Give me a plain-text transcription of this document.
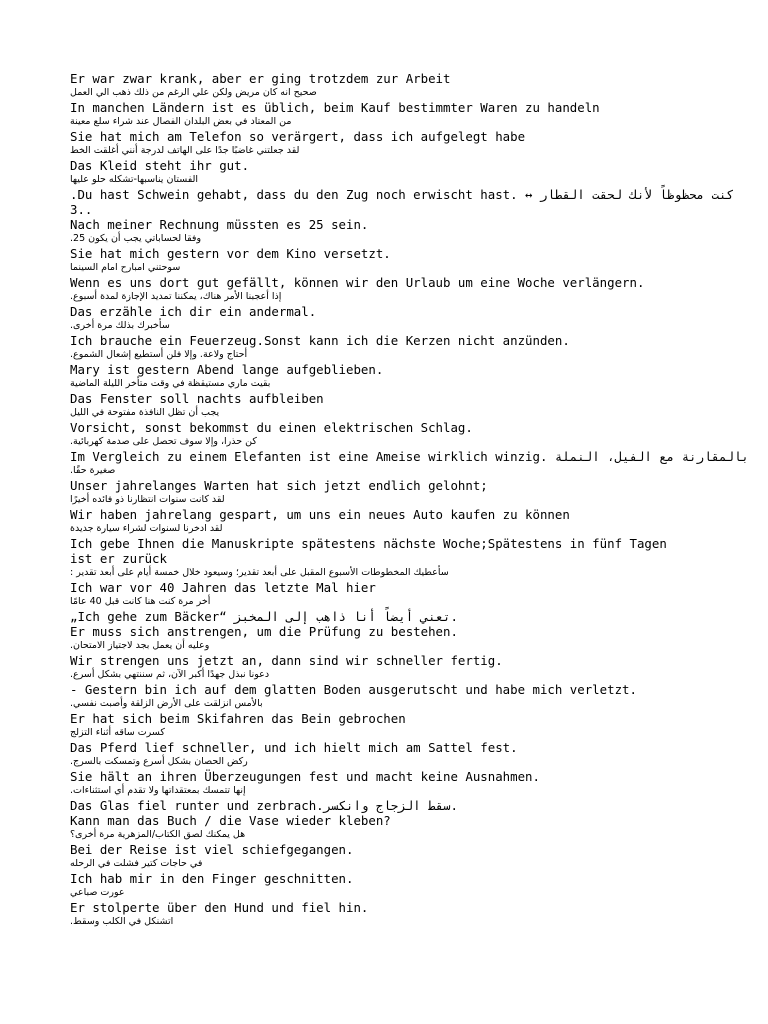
Er war zwar krank, aber er ging trotzdem zur Arbeit
صحيح انه كان مريض ولكن علي الرغم من ذلك ذهب الي العمل
In manchen Ländern ist es üblich, beim Kauf bestimmter Waren zu handeln
من المعتاد في بعض البلدان الفصال عند شراء سلع معينة
Sie hat mich am Telefon so verärgert, dass ich aufgelegt habe
لقد جعلتني غاضبًا جدًا على الهاتف لدرجة أنني أغلقت الخط
Das Kleid steht ihr gut.
الفستان يناسبها-تشكله حلو عليها
.Du hast Schwein gehabt, dass du den Zug noch erwischt hast. ↔ كنت محظوظاً لأنك لحقت القطار
3..
Nach meiner Rechnung müssten es 25 sein.
وفقا لحساباتي يجب أن يكون 25.
Sie hat mich gestern vor dem Kino versetzt.
سوحتني امبارح امام السينما
Wenn es uns dort gut gefällt, können wir den Urlaub um eine Woche verlängern.
إذا أعجبنا الأمر هناك، يمكننا تمديد الإجازة لمدة أسبوع.
Das erzähle ich dir ein andermal.
سأخبرك بذلك مرة أخرى.
Ich brauche ein Feuerzeug.Sonst kann ich die Kerzen nicht anzünden.
أحتاج ولاعة. وإلا فلن أستطيع إشعال الشموع.
Mary ist gestern Abend lange aufgeblieben.
بقيت ماري مستيقظة في وقت متأخر الليلة الماضية
Das Fenster soll nachts aufbleiben
يجب أن تظل النافذة مفتوحة في الليل
Vorsicht, sonst bekommst du einen elektrischen Schlag.
كن حذرا، وإلا سوف تحصل على صدمة كهربائية.
Im Vergleich zu einem Elefanten ist eine Ameise wirklich winzig. بالمقارنة مع الفيل، النملة
صغيرة حقًا.
Unser jahrelanges Warten hat sich jetzt endlich gelohnt;
لقد كانت سنوات انتظارنا ذو فائده أخيرًا
Wir haben jahrelang gespart, um uns ein neues Auto kaufen zu können
لقد ادخرنا لسنوات لشراء سيارة جديدة
Ich gebe Ihnen die Manuskripte spätestens nächste Woche;Spätestens in fünf Tagen
ist er zurück
سأعطيك المخطوطات الأسبوع المقبل على أبعد تقدير؛ وسيعود خلال خمسة أيام على أبعد تقدير :
Ich war vor 40 Jahren das letzte Mal hier
أخر مرة كنت هنا كانت قبل 40 عامًا
„Ich gehe zum Bäcker“ تعني أيضاً أنا ذاهب إلى المخبز.
Er muss sich anstrengen, um die Prüfung zu bestehen.
وعليه أن يعمل بجد لاجتياز الامتحان.
Wir strengen uns jetzt an, dann sind wir schneller fertig.
دعونا نبذل جهدًا أكبر الآن، ثم سننتهي بشكل أسرع.
- Gestern bin ich auf dem glatten Boden ausgerutscht und habe mich verletzt.
بالأمس انزلقت على الأرض الزلقة وأصبت نفسي.
Er hat sich beim Skifahren das Bein gebrochen
كسرت ساقه أثناء التزلج
Das Pferd lief schneller, und ich hielt mich am Sattel fest.
ركض الحصان بشكل أسرع وتمسكت بالسرج.
Sie hält an ihren Überzeugungen fest und macht keine Ausnahmen.
إنها تتمسك بمعتقداتها ولا تقدم أي استثناءات.
Das Glas fiel runter und zerbrach.سقط الزجاج وانكسر.
Kann man das Buch / die Vase wieder kleben?
هل يمكنك لصق الكتاب/المزهرية مرة أخرى؟
Bei der Reise ist viel schiefgegangen.
في حاجات كتير فشلت في الرحله
Ich hab mir in den Finger geschnitten.
عورت صباعي
Er stolperte über den Hund und fiel hin.
اتشنكل في الكلب وسقط.
